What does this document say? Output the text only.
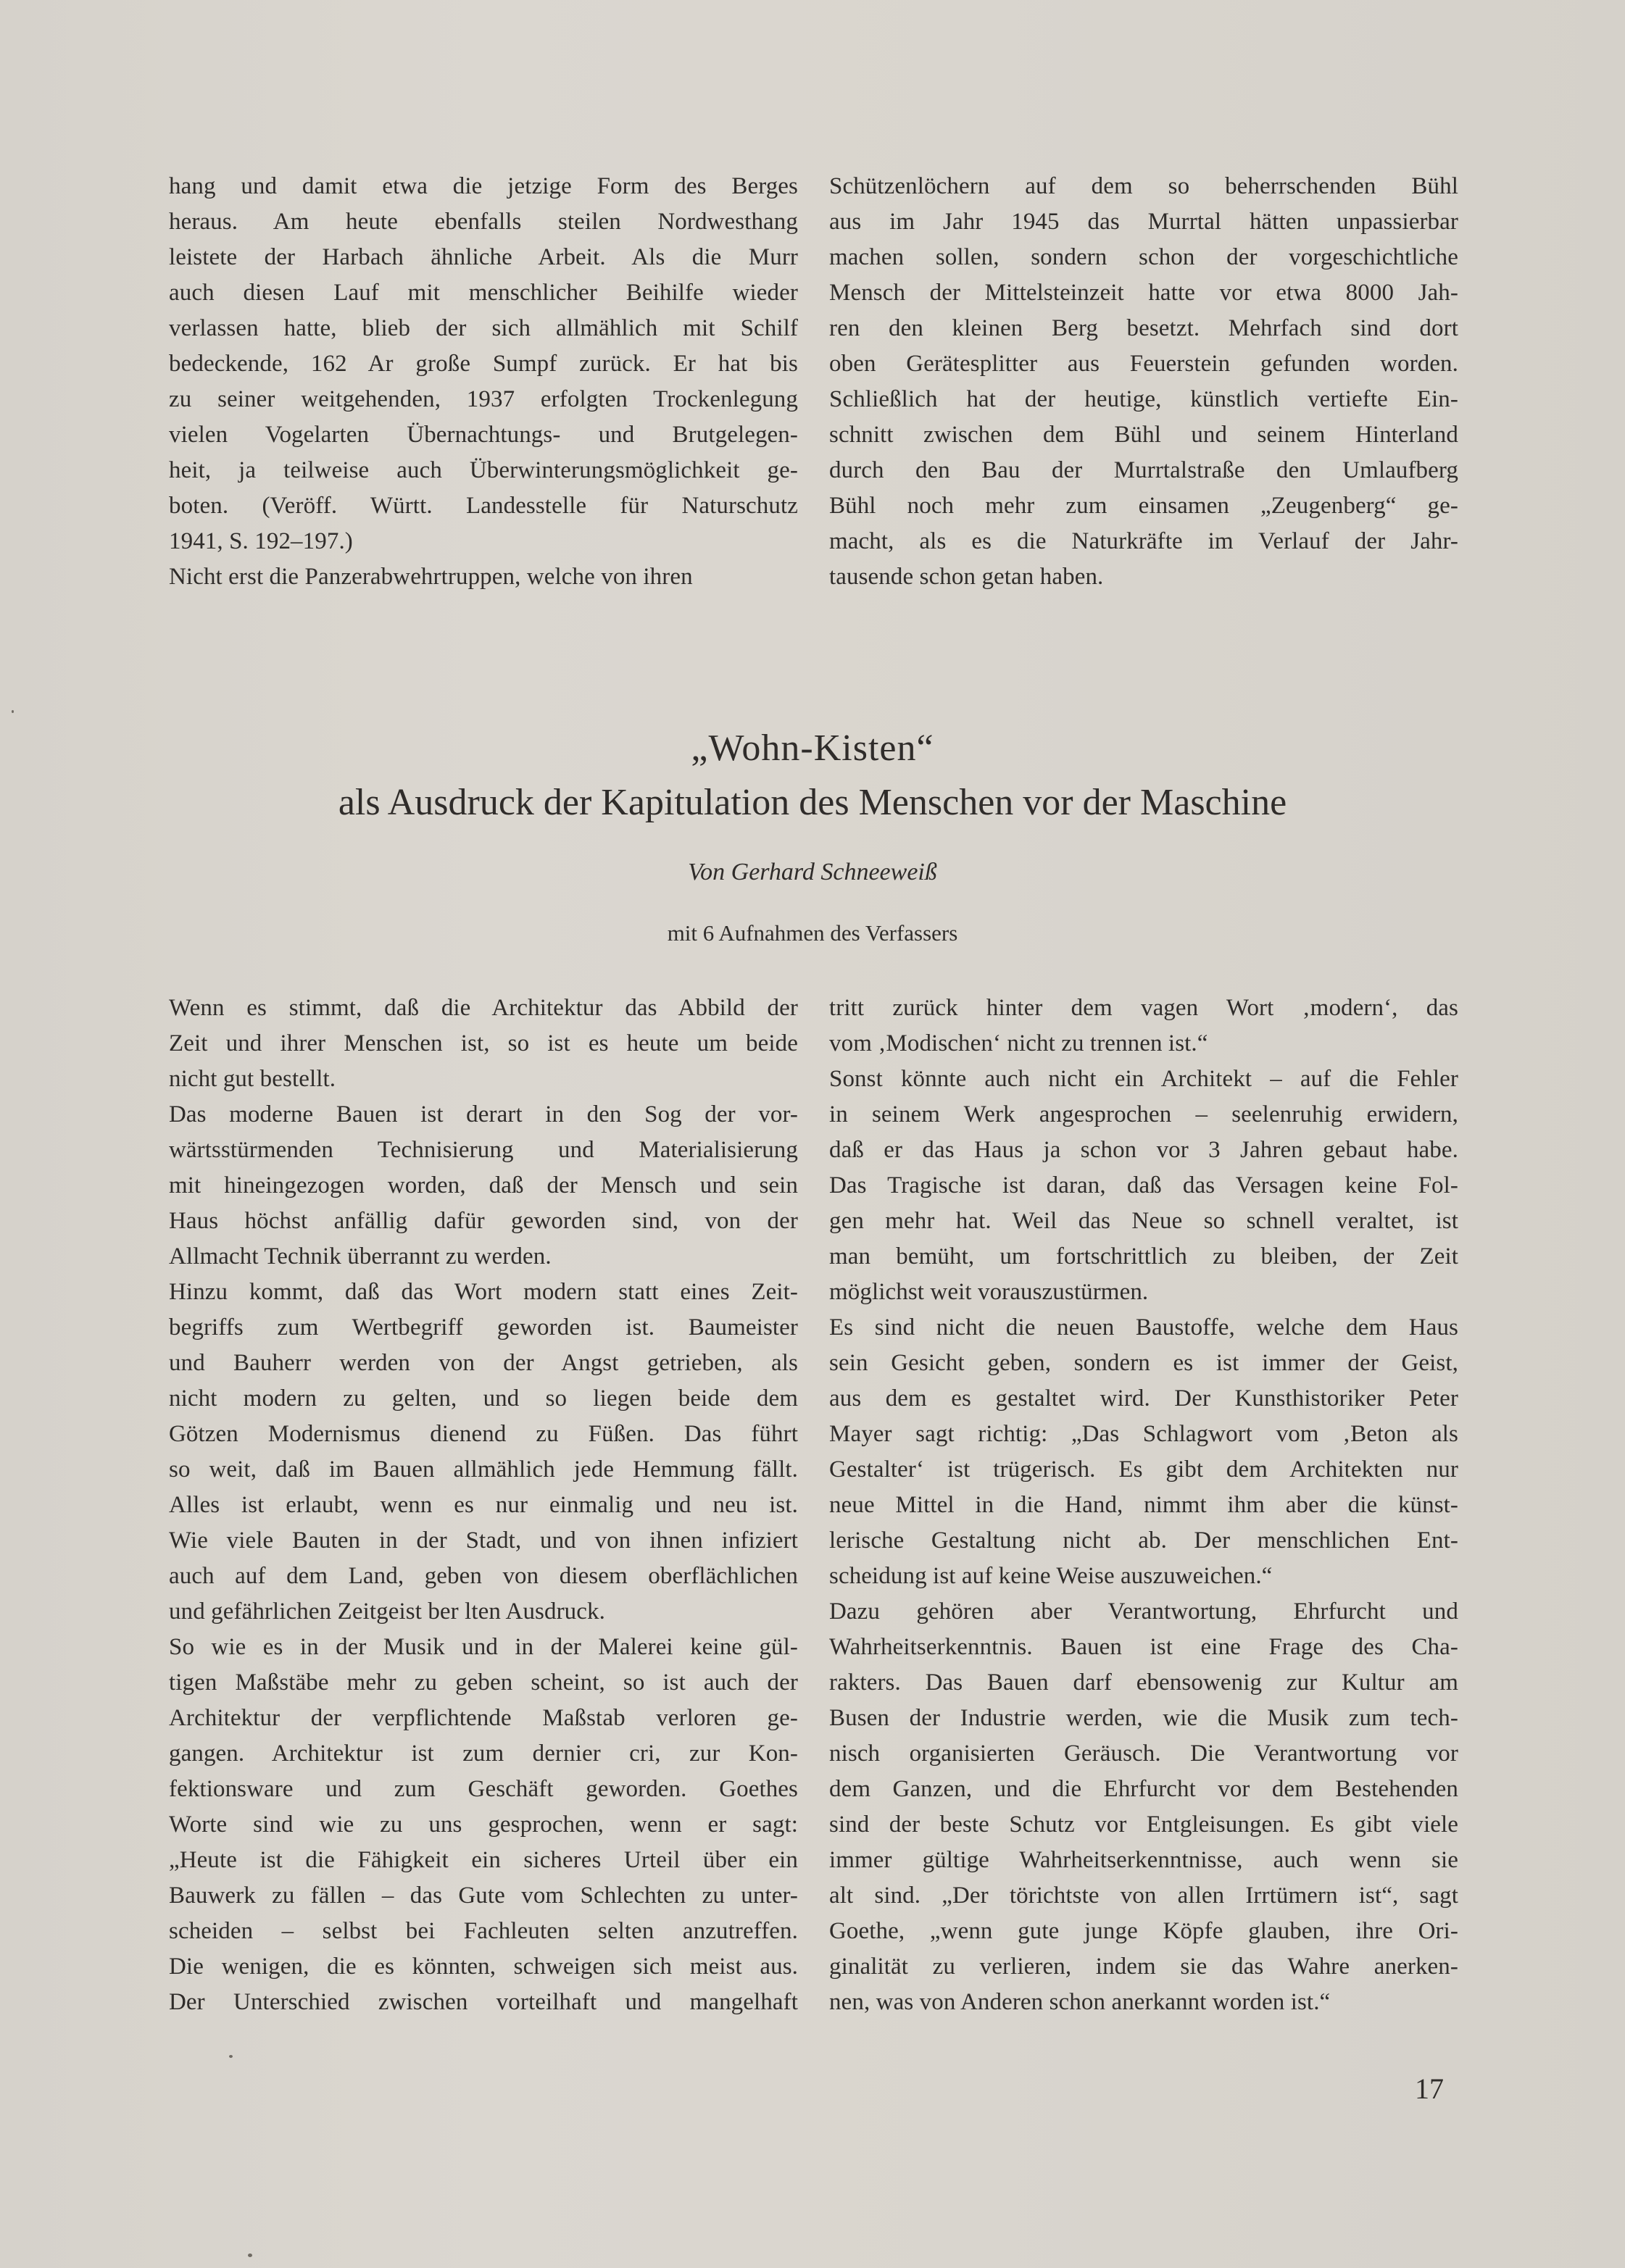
hang und damit etwa die jetzige Form des Berges
heraus. Am heute ebenfalls steilen Nordwesthang
leistete der Harbach ähnliche Arbeit. Als die Murr
auch diesen Lauf mit menschlicher Beihilfe wieder
verlassen hatte, blieb der sich allmählich mit Schilf
bedeckende, 162 Ar große Sumpf zurück. Er hat bis
zu seiner weitgehenden, 1937 erfolgten Trockenlegung
vielen Vogelarten Übernachtungs- und Brutgelegen-
heit, ja teilweise auch Überwinterungsmöglichkeit ge-
boten. (Veröff. Württ. Landesstelle für Naturschutz
1941, S. 192–197.)
Nicht erst die Panzerabwehrtruppen, welche von ihren
Schützenlöchern auf dem so beherrschenden Bühl
aus im Jahr 1945 das Murrtal hätten unpassierbar
machen sollen, sondern schon der vorgeschichtliche
Mensch der Mittelsteinzeit hatte vor etwa 8000 Jah-
ren den kleinen Berg besetzt. Mehrfach sind dort
oben Gerätesplitter aus Feuerstein gefunden worden.
Schließlich hat der heutige, künstlich vertiefte Ein-
schnitt zwischen dem Bühl und seinem Hinterland
durch den Bau der Murrtalstraße den Umlaufberg
Bühl noch mehr zum einsamen „Zeugenberg“ ge-
macht, als es die Naturkräfte im Verlauf der Jahr-
tausende schon getan haben.
„Wohn-Kisten“
als Ausdruck der Kapitulation des Menschen vor der Maschine
Von Gerhard Schneeweiß
mit 6 Aufnahmen des Verfassers
Wenn es stimmt, daß die Architektur das Abbild der
Zeit und ihrer Menschen ist, so ist es heute um beide
nicht gut bestellt.
Das moderne Bauen ist derart in den Sog der vor-
wärtsstürmenden Technisierung und Materialisierung
mit hineingezogen worden, daß der Mensch und sein
Haus höchst anfällig dafür geworden sind, von der
Allmacht Technik überrannt zu werden.
Hinzu kommt, daß das Wort modern statt eines Zeit-
begriffs zum Wertbegriff geworden ist. Baumeister
und Bauherr werden von der Angst getrieben, als
nicht modern zu gelten, und so liegen beide dem
Götzen Modernismus dienend zu Füßen. Das führt
so weit, daß im Bauen allmählich jede Hemmung fällt.
Alles ist erlaubt, wenn es nur einmalig und neu ist.
Wie viele Bauten in der Stadt, und von ihnen infiziert
auch auf dem Land, geben von diesem oberflächlichen
und gefährlichen Zeitgeist ber lten Ausdruck.
So wie es in der Musik und in der Malerei keine gül-
tigen Maßstäbe mehr zu geben scheint, so ist auch der
Architektur der verpflichtende Maßstab verloren ge-
gangen. Architektur ist zum dernier cri, zur Kon-
fektionsware und zum Geschäft geworden. Goethes
Worte sind wie zu uns gesprochen, wenn er sagt:
„Heute ist die Fähigkeit ein sicheres Urteil über ein
Bauwerk zu fällen – das Gute vom Schlechten zu unter-
scheiden – selbst bei Fachleuten selten anzutreffen.
Die wenigen, die es könnten, schweigen sich meist aus.
Der Unterschied zwischen vorteilhaft und mangelhaft
tritt zurück hinter dem vagen Wort ‚modern‘, das
vom ‚Modischen‘ nicht zu trennen ist.“
Sonst könnte auch nicht ein Architekt – auf die Fehler
in seinem Werk angesprochen – seelenruhig erwidern,
daß er das Haus ja schon vor 3 Jahren gebaut habe.
Das Tragische ist daran, daß das Versagen keine Fol-
gen mehr hat. Weil das Neue so schnell veraltet, ist
man bemüht, um fortschrittlich zu bleiben, der Zeit
möglichst weit vorauszustürmen.
Es sind nicht die neuen Baustoffe, welche dem Haus
sein Gesicht geben, sondern es ist immer der Geist,
aus dem es gestaltet wird. Der Kunsthistoriker Peter
Mayer sagt richtig: „Das Schlagwort vom ‚Beton als
Gestalter‘ ist trügerisch. Es gibt dem Architekten nur
neue Mittel in die Hand, nimmt ihm aber die künst-
lerische Gestaltung nicht ab. Der menschlichen Ent-
scheidung ist auf keine Weise auszuweichen.“
Dazu gehören aber Verantwortung, Ehrfurcht und
Wahrheitserkenntnis. Bauen ist eine Frage des Cha-
rakters. Das Bauen darf ebensowenig zur Kultur am
Busen der Industrie werden, wie die Musik zum tech-
nisch organisierten Geräusch. Die Verantwortung vor
dem Ganzen, und die Ehrfurcht vor dem Bestehenden
sind der beste Schutz vor Entgleisungen. Es gibt viele
immer gültige Wahrheitserkenntnisse, auch wenn sie
alt sind. „Der törichtste von allen Irrtümern ist“, sagt
Goethe, „wenn gute junge Köpfe glauben, ihre Ori-
ginalität zu verlieren, indem sie das Wahre anerken-
nen, was von Anderen schon anerkannt worden ist.“
17
